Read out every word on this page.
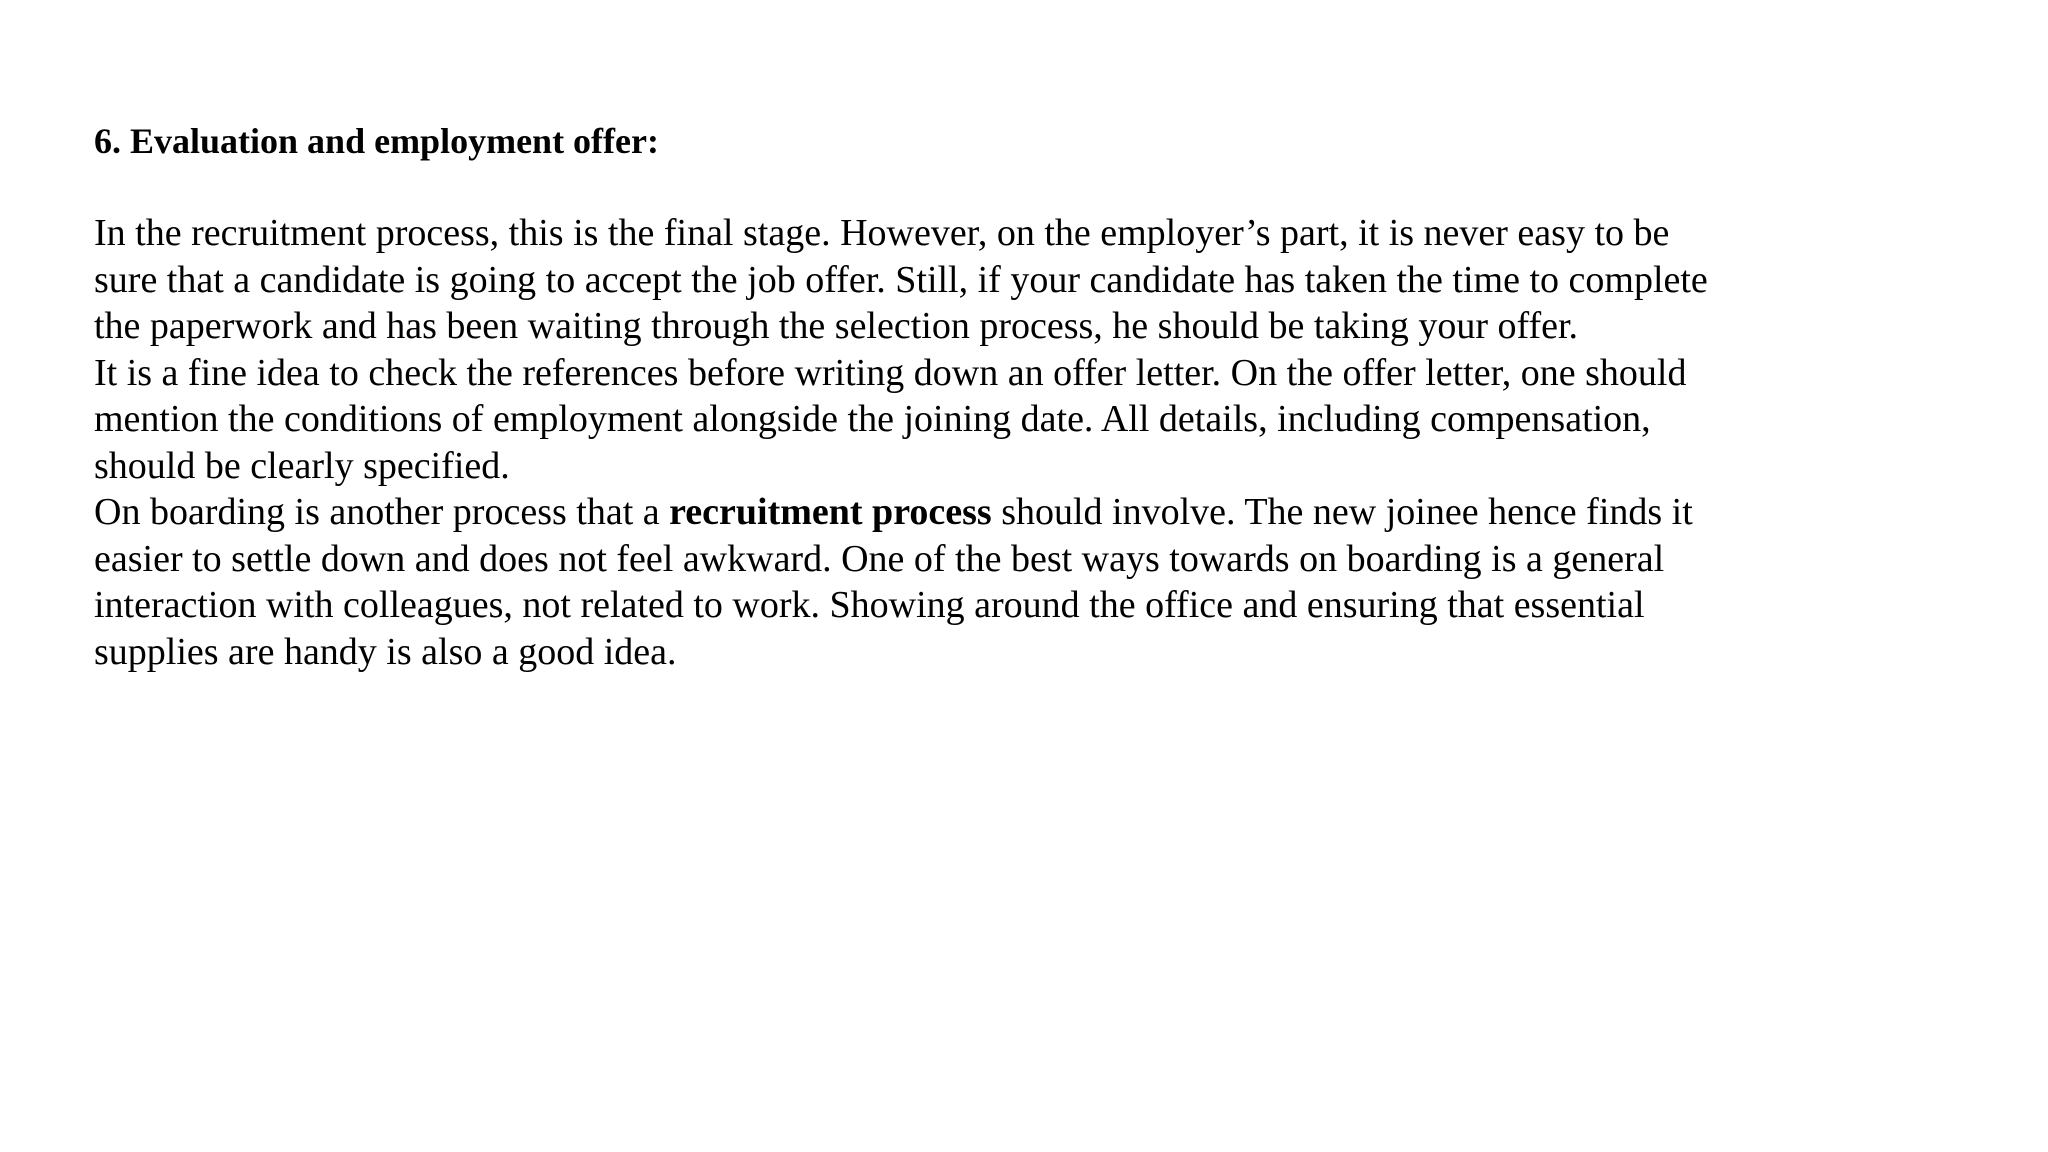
6. Evaluation and employment offer:

In the recruitment process, this is the final stage. However, on the employer’s part, it is never easy to be
sure that a candidate is going to accept the job offer. Still, if your candidate has taken the time to complete
the paperwork and has been waiting through the selection process, he should be taking your offer.

It is a fine idea to check the references before writing down an offer letter. On the offer letter, one should
mention the conditions of employment alongside the joining date. All details, including compensation,
should be clearly specified.

On boarding is another process that a recruitment process should involve. The new joinee hence finds it
easier to settle down and does not feel awkward. One of the best ways towards on boarding is a general
interaction with colleagues, not related to work. Showing around the office and ensuring that essential
supplies are handy is also a good idea.
